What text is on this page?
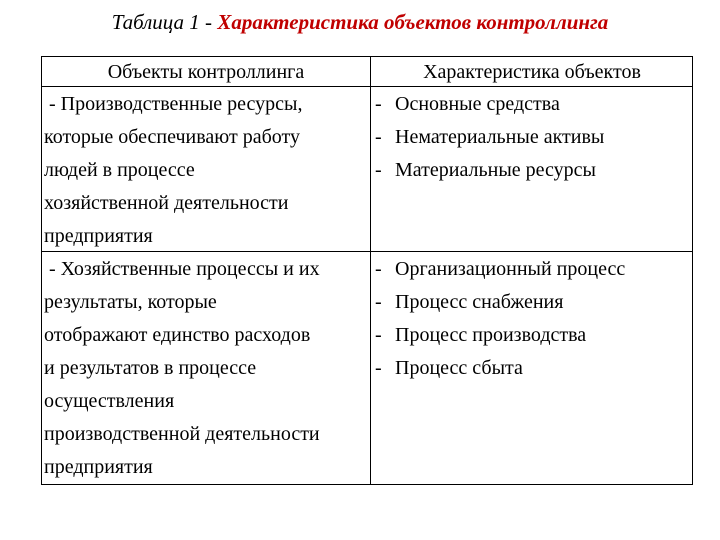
Таблица 1 - Характеристика объектов контроллинга
Объекты контроллинга	Характеристика объектов
- Производственные ресурсы,
которые обеспечивают работу
людей в процессе
хозяйственной деятельности
предприятия
- Основные средства
- Нематериальные активы
- Материальные ресурсы
- Хозяйственные процессы и их
результаты, которые
отображают единство расходов
и результатов в процессе
осуществления
производственной деятельности
предприятия
- Организационный процесс
- Процесс снабжения
- Процесс производства
- Процесс сбыта
